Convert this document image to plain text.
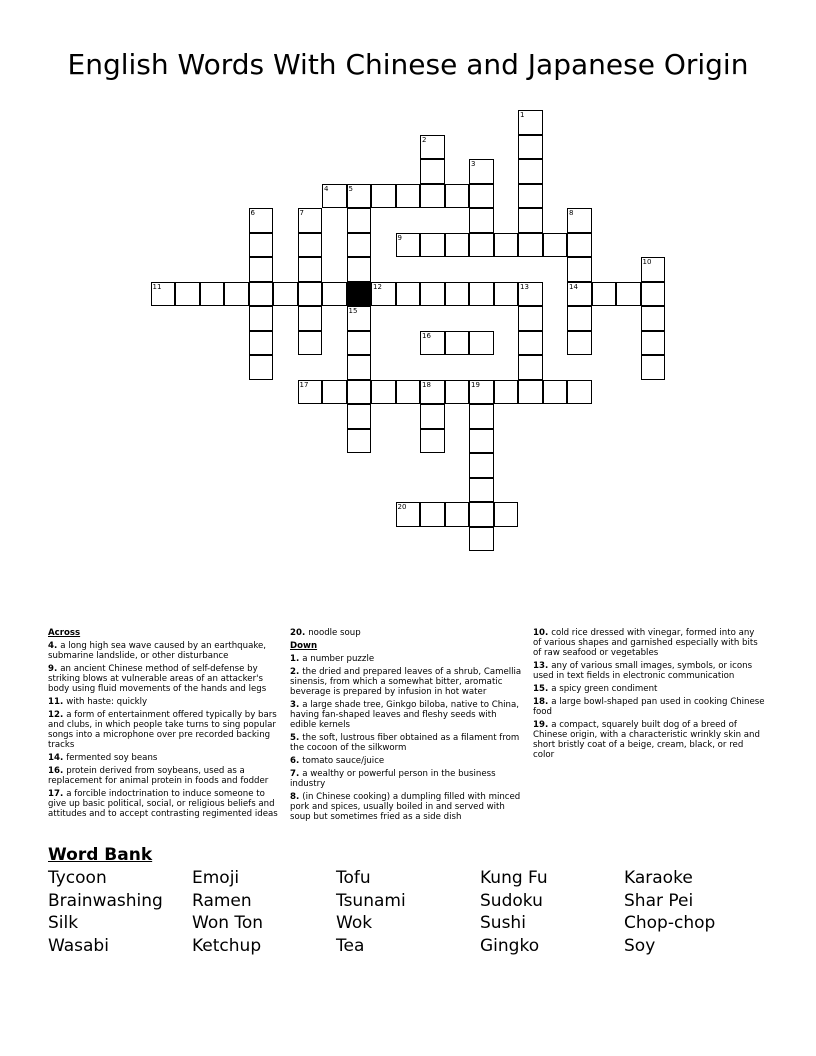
English Words With Chinese and Japanese Origin
1
2
3
4	5
6	7	8
14
9
10
11	12	13
15
16
17	18	19
20
Across
4. a long high sea wave caused by an earthquake, submarine landslide, or other disturbance
9. an ancient Chinese method of self-defense by striking blows at vulnerable areas of an attacker's body using fluid movements of the hands and legs
11. with haste: quickly
12. a form of entertainment offered typically by bars and clubs, in which people take turns to sing popular songs into a microphone over pre recorded backing tracks
14. fermented soy beans
16. protein derived from soybeans, used as a replacement for animal protein in foods and fodder
17. a forcible indoctrination to induce someone to give up basic political, social, or religious beliefs and attitudes and to accept contrasting regimented ideas
20. noodle soup
Down
1. a number puzzle
2. the dried and prepared leaves of a shrub, Camellia sinensis, from which a somewhat bitter, aromatic beverage is prepared by infusion in hot water
3. a large shade tree, Ginkgo biloba, native to China, having fan-shaped leaves and fleshy seeds with edible kernels
5. the soft, lustrous fiber obtained as a filament from the cocoon of the silkworm
6. tomato sauce/juice
7. a wealthy or powerful person in the business industry
8. (in Chinese cooking) a dumpling filled with minced pork and spices, usually boiled in and served with soup but sometimes fried as a side dish
10. cold rice dressed with vinegar, formed into any of various shapes and garnished especially with bits of raw seafood or vegetables
13. any of various small images, symbols, or icons used in text fields in electronic communication
15. a spicy green condiment
18. a large bowl-shaped pan used in cooking Chinese food
19. a compact, squarely built dog of a breed of Chinese origin, with a characteristic wrinkly skin and short bristly coat of a beige, cream, black, or red color
Word Bank
Tycoon	Emoji	Tofu	Kung Fu	Karaoke
Brainwashing	Ramen	Tsunami	Sudoku	Shar Pei
Silk	Won Ton	Wok	Sushi	Chop-chop
Wasabi	Ketchup	Tea	Gingko	Soy
